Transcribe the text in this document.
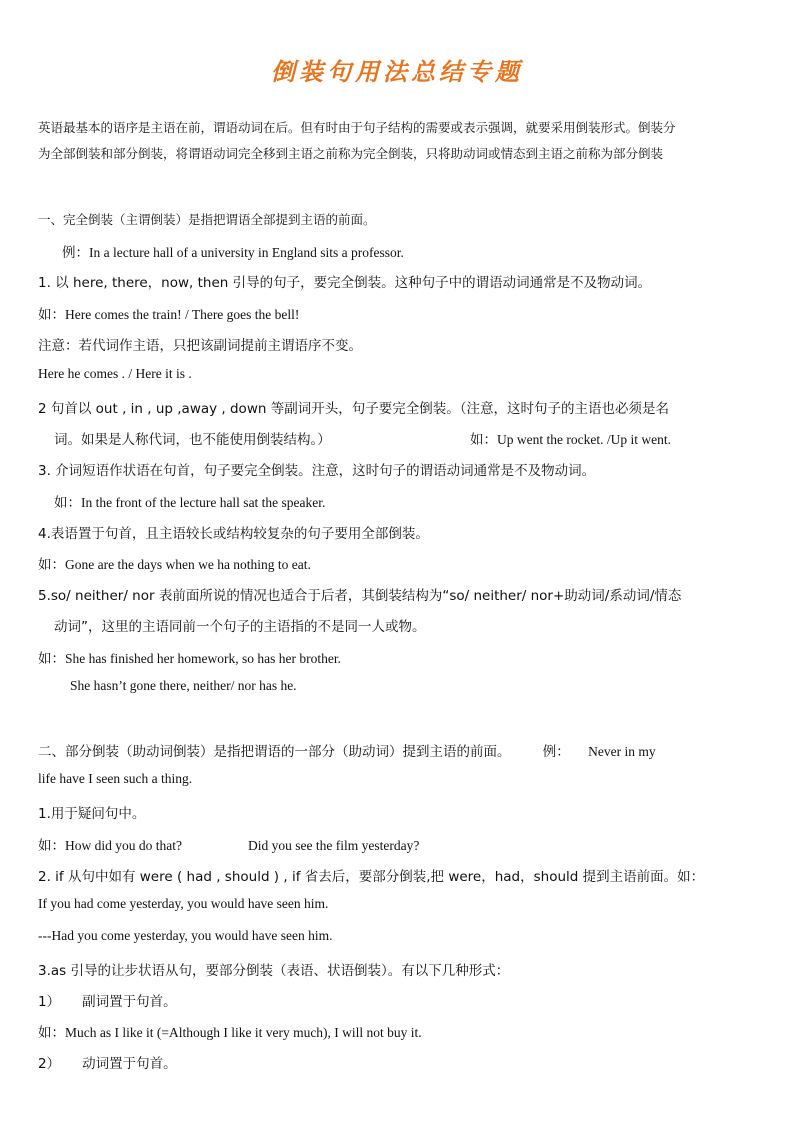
倒装句用法总结专题
英语最基本的语序是主语在前，谓语动词在后。但有时由于句子结构的需要或表示强调，就要采用倒装形式。倒装分
为全部倒装和部分倒装，将谓语动词完全移到主语之前称为完全倒装，只将助动词或情态到主语之前称为部分倒装
一、完全倒装（主谓倒装）是指把谓语全部提到主语的前面。
例：In a lecture hall of a university in England sits a professor.
1. 以 here, there，now, then 引导的句子，要完全倒装。这种句子中的谓语动词通常是不及物动词。
如：Here comes the train! / There goes the bell!
注意：若代词作主语，只把该副词提前主谓语序不变。
Here he comes . / Here it is .
2 句首以 out , in , up ,away , down 等副词开头，句子要完全倒装。（注意，这时句子的主语也必须是名
词。如果是人称代词，也不能使用倒装结构。）	如：Up went the rocket. /Up it went.
3. 介词短语作状语在句首，句子要完全倒装。注意，这时句子的谓语动词通常是不及物动词。
如：In the front of the lecture hall sat the speaker.
4.表语置于句首，且主语较长或结构较复杂的句子要用全部倒装。
如：Gone are the days when we ha nothing to eat.
5.so/ neither/ nor 表前面所说的情况也适合于后者，其倒装结构为“so/ neither/ nor+助动词/系动词/情态
动词”，这里的主语同前一个句子的主语指的不是同一人或物。
如：She has finished her homework, so has her brother.
She hasn’t gone there, neither/ nor has he.
二、部分倒装（助动词倒装）是指把谓语的一部分（助动词）提到主语的前面。 例： Never in my
life have I seen such a thing.
1.用于疑问句中。
如：How did you do that?	Did you see the film yesterday?
2. if 从句中如有 were ( had , should ) , if 省去后，要部分倒装,把 were，had，should 提到主语前面。如：
If you had come yesterday, you would have seen him.
---Had you come yesterday, you would have seen him.
3.as 引导的让步状语从句，要部分倒装（表语、状语倒装）。有以下几种形式：
1） 副词置于句首。
如：Much as I like it (=Although I like it very much), I will not buy it.
2） 动词置于句首。
